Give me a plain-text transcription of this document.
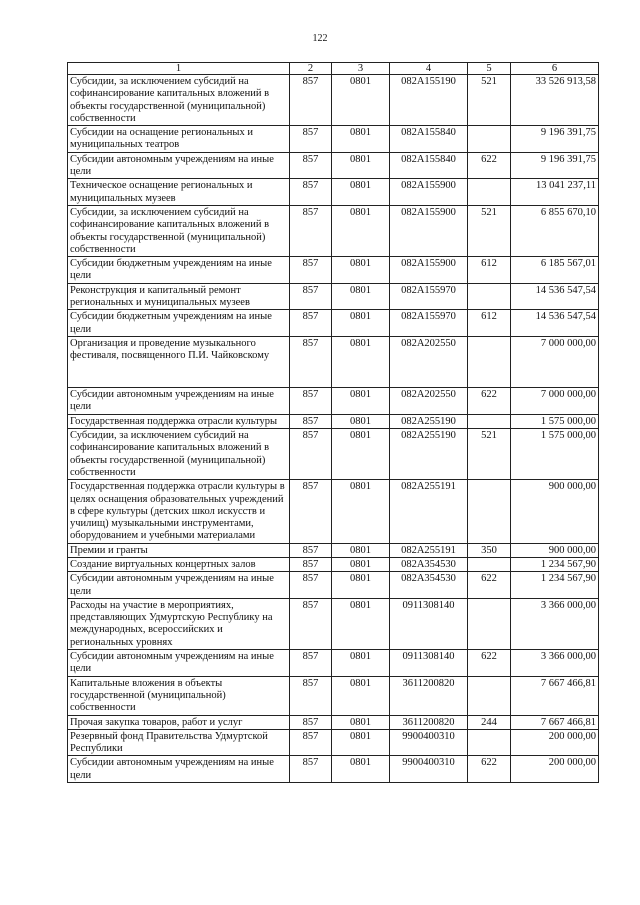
122
1	2	3	4	5	6
Субсидии, за исключением субсидий на софинансирование капитальных вложений в объекты государственной (муниципальной) собственности	857	0801	082A155190	521	33 526 913,58
Субсидии на оснащение региональных и муниципальных театров	857	0801	082A155840		9 196 391,75
Субсидии автономным учреждениям на иные цели	857	0801	082A155840	622	9 196 391,75
Техническое оснащение региональных и муниципальных музеев	857	0801	082A155900		13 041 237,11
Субсидии, за исключением субсидий на софинансирование капитальных вложений в объекты государственной (муниципальной) собственности	857	0801	082A155900	521	6 855 670,10
Субсидии бюджетным учреждениям на иные цели	857	0801	082A155900	612	6 185 567,01
Реконструкция и капитальный ремонт региональных и муниципальных музеев	857	0801	082A155970		14 536 547,54
Субсидии бюджетным учреждениям на иные цели	857	0801	082A155970	612	14 536 547,54
Организация и проведение музыкального фестиваля, посвященного П.И. Чайковскому	857	0801	082A202550		7 000 000,00
Субсидии автономным учреждениям на иные цели	857	0801	082A202550	622	7 000 000,00
Государственная поддержка отрасли культуры	857	0801	082A255190		1 575 000,00
Субсидии, за исключением субсидий на софинансирование капитальных вложений в объекты государственной (муниципальной) собственности	857	0801	082A255190	521	1 575 000,00
Государственная поддержка отрасли культуры в целях оснащения образовательных учреждений в сфере культуры (детских школ искусств и училищ) музыкальными инструментами, оборудованием и учебными материалами	857	0801	082A255191		900 000,00
Премии и гранты	857	0801	082A255191	350	900 000,00
Создание виртуальных концертных залов	857	0801	082A354530		1 234 567,90
Субсидии автономным учреждениям на иные цели	857	0801	082A354530	622	1 234 567,90
Расходы на участие в мероприятиях, представляющих Удмуртскую Республику на международных, всероссийских и региональных уровнях	857	0801	0911308140		3 366 000,00
Субсидии автономным учреждениям на иные цели	857	0801	0911308140	622	3 366 000,00
Капитальные вложения в объекты государственной (муниципальной) собственности	857	0801	3611200820		7 667 466,81
Прочая закупка товаров, работ и услуг	857	0801	3611200820	244	7 667 466,81
Резервный фонд Правительства Удмуртской Республики	857	0801	9900400310		200 000,00
Субсидии автономным учреждениям на иные цели	857	0801	9900400310	622	200 000,00
